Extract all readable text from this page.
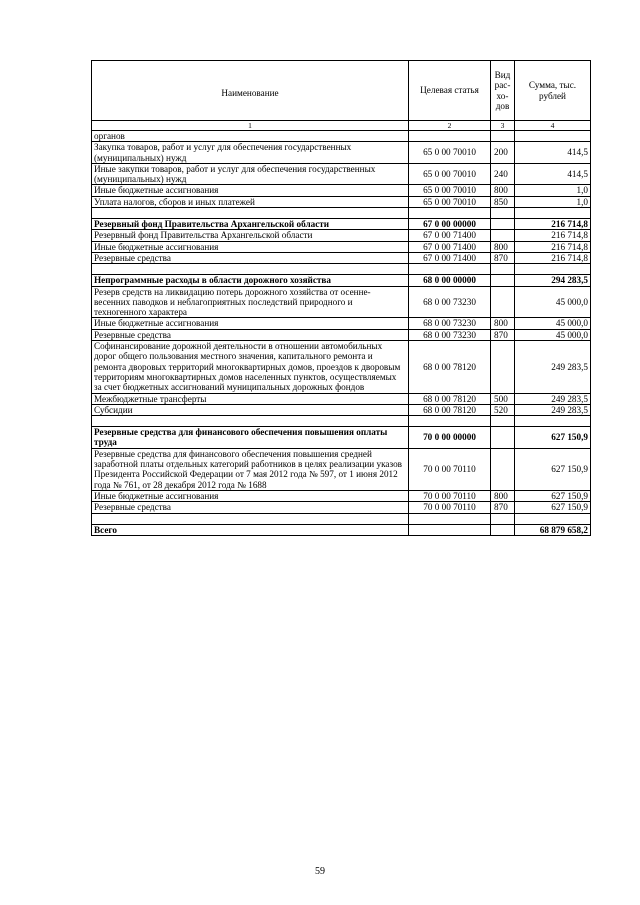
Наименование	Целевая статья	Вид рас-хо-дов	Сумма, тыс. рублей
1	2	3	4
органов			
Закупка товаров, работ и услуг для обеспечения государственных (муниципальных) нужд	65 0 00 70010	200	414,5
Иные закупки товаров, работ и услуг для обеспечения государственных (муниципальных) нужд	65 0 00 70010	240	414,5
Иные бюджетные ассигнования	65 0 00 70010	800	1,0
Уплата налогов, сборов и иных платежей	65 0 00 70010	850	1,0

Резервный фонд Правительства Архангельской области	67 0 00 00000		216 714,8
Резервный фонд Правительства Архангельской области	67 0 00 71400		216 714,8
Иные бюджетные ассигнования	67 0 00 71400	800	216 714,8
Резервные средства	67 0 00 71400	870	216 714,8

Непрограммные расходы в области дорожного хозяйства	68 0 00 00000		294 283,5
Резерв средств на ликвидацию потерь дорожного хозяйства от осенне-весенних паводков и неблагоприятных последствий природного и техногенного характера	68 0 00 73230		45 000,0
Иные бюджетные ассигнования	68 0 00 73230	800	45 000,0
Резервные средства	68 0 00 73230	870	45 000,0
Софинансирование дорожной деятельности в отношении автомобильных дорог общего пользования местного значения, капитального ремонта и ремонта дворовых территорий многоквартирных домов, проездов к дворовым территориям многоквартирных домов населенных пунктов, осуществляемых за счет бюджетных ассигнований муниципальных дорожных фондов	68 0 00 78120		249 283,5
Межбюджетные трансферты	68 0 00 78120	500	249 283,5
Субсидии	68 0 00 78120	520	249 283,5

Резервные средства для финансового обеспечения повышения оплаты труда	70 0 00 00000		627 150,9
Резервные средства для финансового обеспечения повышения средней заработной платы отдельных категорий работников в целях реализации указов Президента Российской Федерации от 7 мая 2012 года № 597, от 1 июня 2012 года № 761, от 28 декабря 2012 года № 1688	70 0 00 70110		627 150,9
Иные бюджетные ассигнования	70 0 00 70110	800	627 150,9
Резервные средства	70 0 00 70110	870	627 150,9

Всего			68 879 658,2
59
